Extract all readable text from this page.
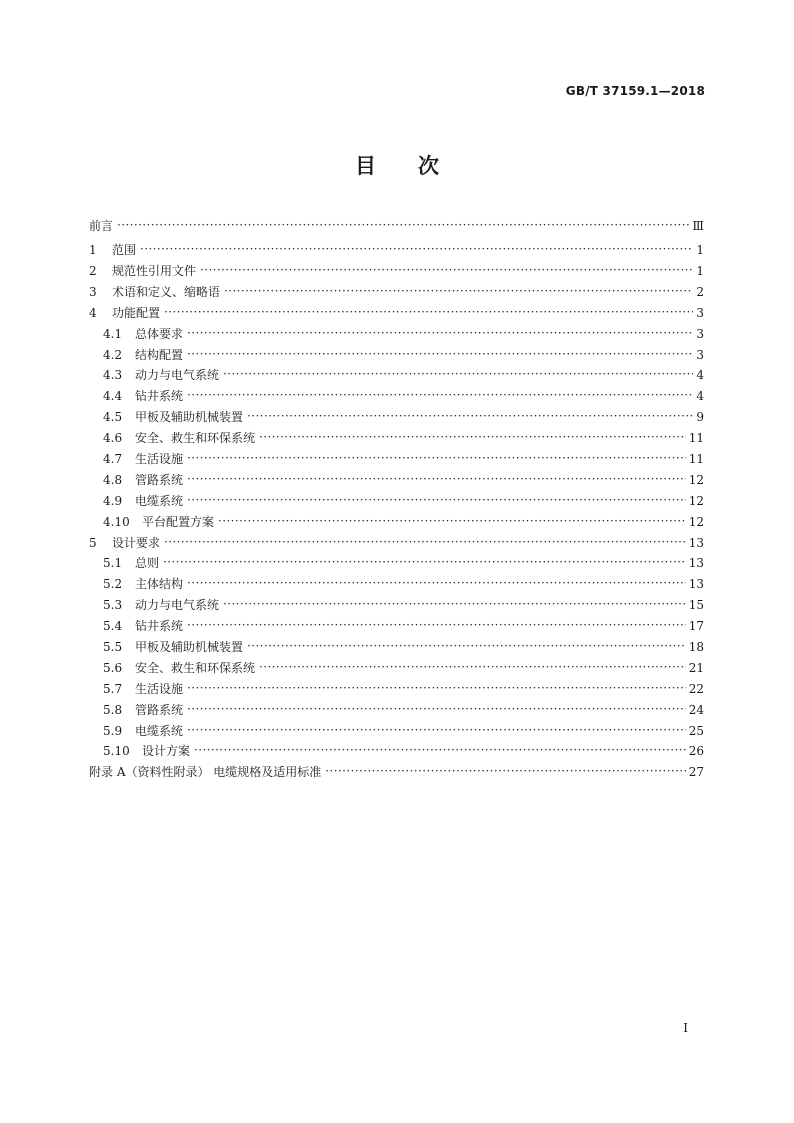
GB/T 37159.1—2018
目 次
前言 ·····	Ⅲ
1	范围 ·····	1
2	规范性引用文件 ·····	1
3	术语和定义、缩略语 ·····	2
4	功能配置 ·····	3
4.1	总体要求 ·····	3
4.2	结构配置 ·····	3
4.3	动力与电气系统 ·····	4
4.4	钻井系统 ·····	4
4.5	甲板及辅助机械装置 ·····	9
4.6	安全、救生和环保系统 ·····	11
4.7	生活设施 ·····	11
4.8	管路系统 ·····	12
4.9	电缆系统 ·····	12
4.10	平台配置方案 ·····	12
5	设计要求 ·····	13
5.1	总则 ·····	13
5.2	主体结构 ·····	13
5.3	动力与电气系统 ·····	15
5.4	钻井系统 ·····	17
5.5	甲板及辅助机械装置 ·····	18
5.6	安全、救生和环保系统 ·····	21
5.7	生活设施 ·····	22
5.8	管路系统 ·····	24
5.9	电缆系统 ·····	25
5.10	设计方案 ·····	26
附录 A（资料性附录） 电缆规格及适用标准 ·····	27
Ⅰ
